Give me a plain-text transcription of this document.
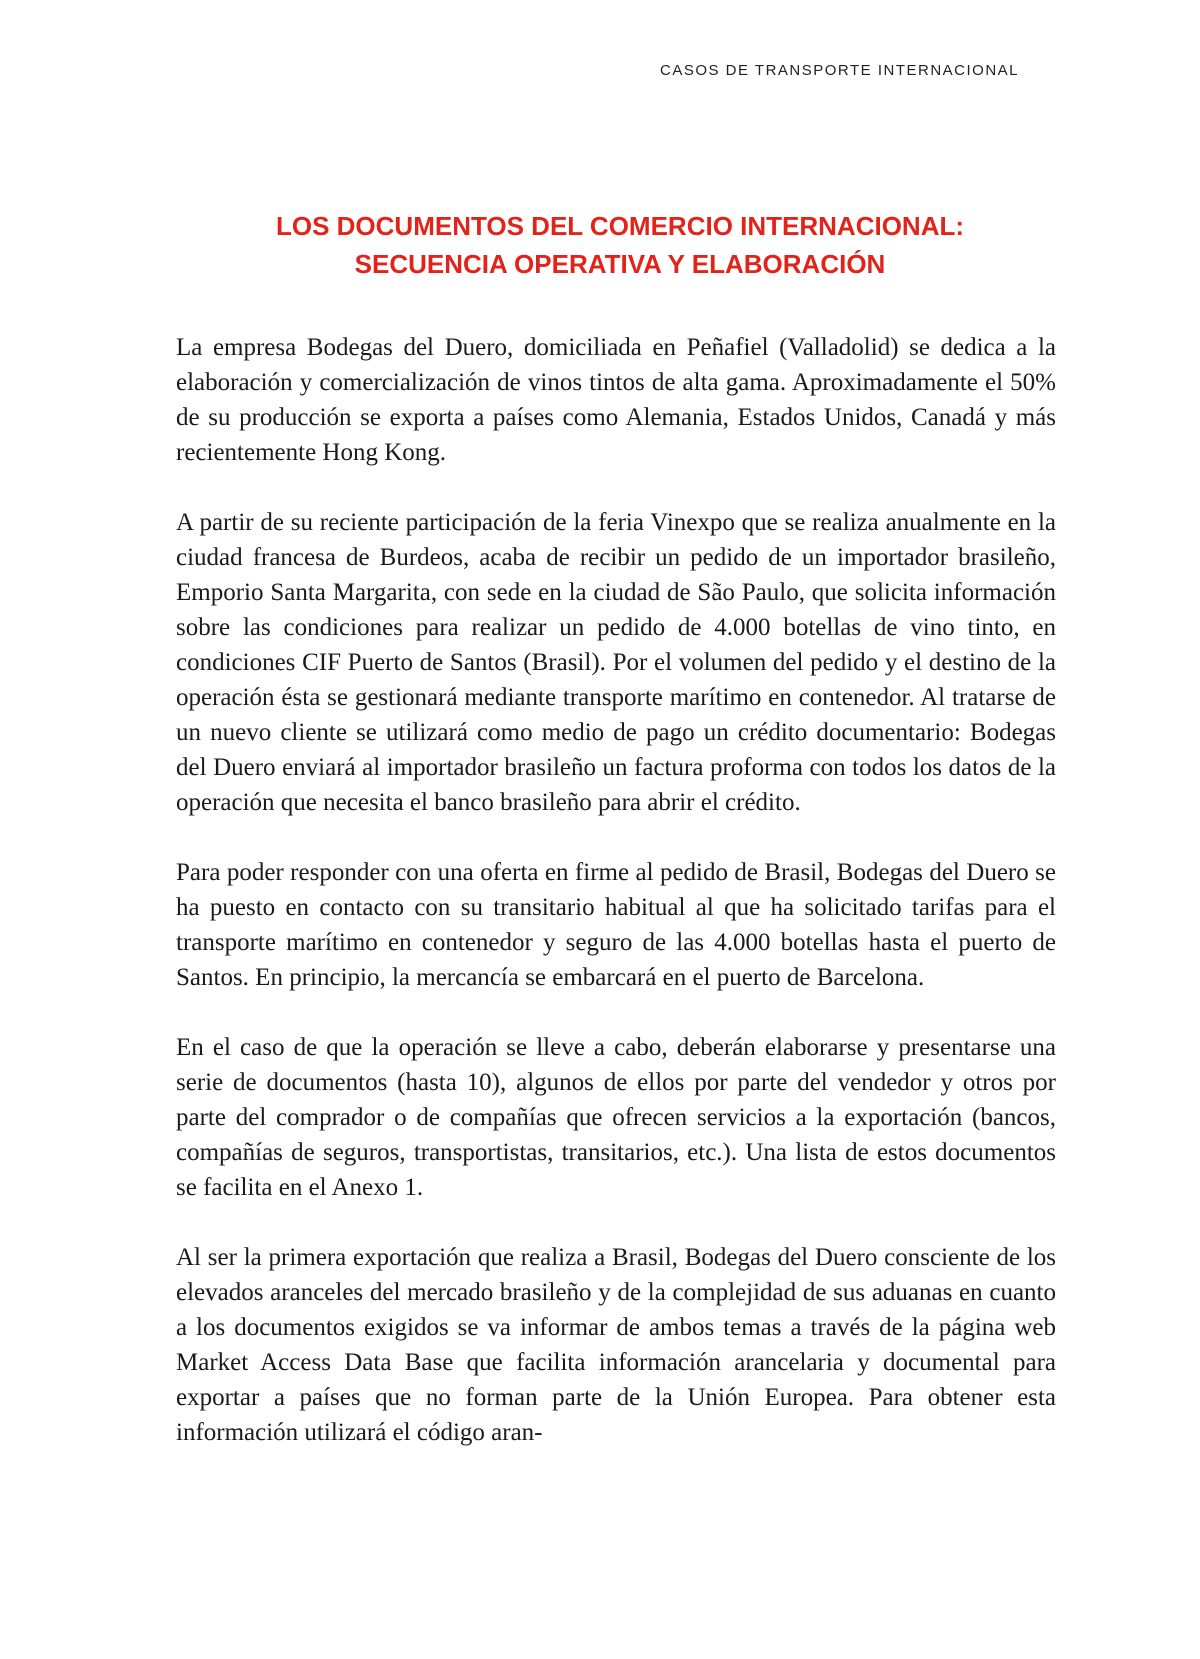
CASOS DE TRANSPORTE INTERNACIONAL
LOS DOCUMENTOS DEL COMERCIO INTERNACIONAL:
SECUENCIA OPERATIVA Y ELABORACIÓN

La empresa Bodegas del Duero, domiciliada en Peñafiel (Valladolid) se dedica a la elaboración y comercialización de vinos tintos de alta gama. Aproximadamente el 50% de su producción se exporta a países como Alemania, Estados Unidos, Canadá y más recientemente Hong Kong.

A partir de su reciente participación de la feria Vinexpo que se realiza anualmente en la ciudad francesa de Burdeos, acaba de recibir un pedido de un importador brasileño, Emporio Santa Margarita, con sede en la ciudad de São Paulo, que solicita información sobre las condiciones para realizar un pedido de 4.000 botellas de vino tinto, en condiciones CIF Puerto de Santos (Brasil). Por el volumen del pedido y el destino de la operación ésta se gestionará mediante transporte marítimo en contenedor. Al tratarse de un nuevo cliente se utilizará como medio de pago un crédito documentario: Bodegas del Duero enviará al importador brasileño un factura proforma con todos los datos de la operación que necesita el banco brasileño para abrir el crédito.

Para poder responder con una oferta en firme al pedido de Brasil, Bodegas del Duero se ha puesto en contacto con su transitario habitual al que ha solicitado tarifas para el transporte marítimo en contenedor y seguro de las 4.000 botellas hasta el puerto de Santos. En principio, la mercancía se embarcará en el puerto de Barcelona.

En el caso de que la operación se lleve a cabo, deberán elaborarse y presentarse una serie de documentos (hasta 10), algunos de ellos por parte del vendedor y otros por parte del comprador o de compañías que ofrecen servicios a la exportación (bancos, compañías de seguros, transportistas, transitarios, etc.). Una lista de estos documentos se facilita en el Anexo 1.

Al ser la primera exportación que realiza a Brasil, Bodegas del Duero consciente de los elevados aranceles del mercado brasileño y de la complejidad de sus aduanas en cuanto a los documentos exigidos se va informar de ambos temas a través de la página web Market Access Data Base que facilita información arancelaria y documental para exportar a países que no forman parte de la Unión Europea. Para obtener esta información utilizará el código aran-
